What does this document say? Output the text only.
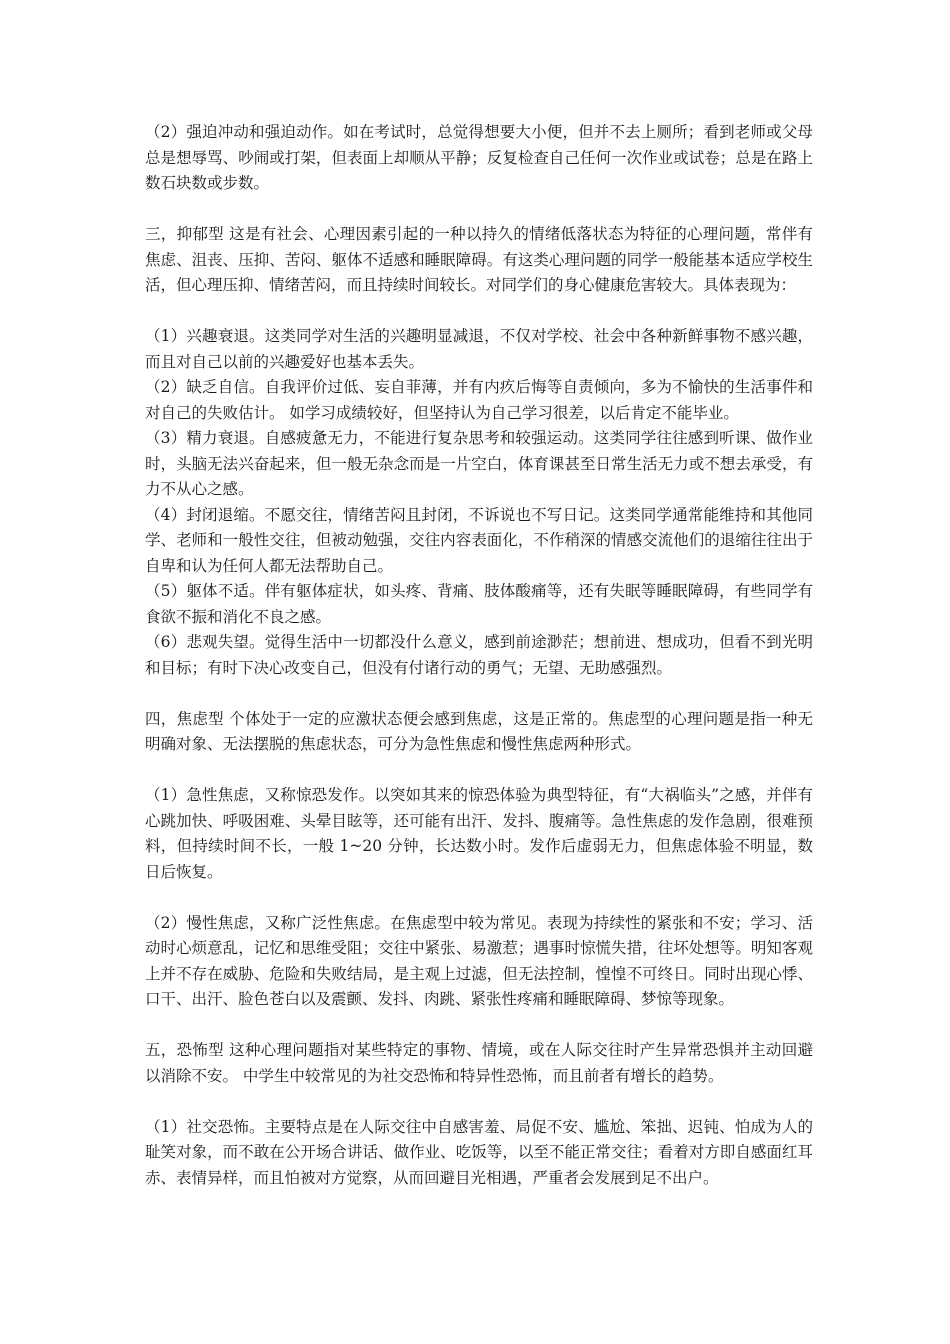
（2）强迫冲动和强迫动作。如在考试时，总觉得想要大小便，但并不去上厕所；看到老师或父母总是想辱骂、吵闹或打架，但表面上却顺从平静；反复检查自己任何一次作业或试卷；总是在路上数石块数或步数。

三，抑郁型 这是有社会、心理因素引起的一种以持久的情绪低落状态为特征的心理问题，常伴有焦虑、沮丧、压抑、苦闷、躯体不适感和睡眠障碍。有这类心理问题的同学一般能基本适应学校生活，但心理压抑、情绪苦闷，而且持续时间较长。对同学们的身心健康危害较大。具体表现为：

（1）兴趣衰退。这类同学对生活的兴趣明显减退，不仅对学校、社会中各种新鲜事物不感兴趣，而且对自己以前的兴趣爱好也基本丢失。

（2）缺乏自信。自我评价过低、妄自菲薄，并有内疚后悔等自责倾向，多为不愉快的生活事件和对自己的失败估计。 如学习成绩较好，但坚持认为自己学习很差，以后肯定不能毕业。

（3）精力衰退。自感疲惫无力，不能进行复杂思考和较强运动。这类同学往往感到听课、做作业时，头脑无法兴奋起来，但一般无杂念而是一片空白，体育课甚至日常生活无力或不想去承受，有力不从心之感。

（4）封闭退缩。不愿交往，情绪苦闷且封闭，不诉说也不写日记。这类同学通常能维持和其他同学、老师和一般性交往，但被动勉强，交往内容表面化，不作稍深的情感交流他们的退缩往往出于自卑和认为任何人都无法帮助自己。

（5）躯体不适。伴有躯体症状，如头疼、背痛、肢体酸痛等，还有失眠等睡眠障碍，有些同学有食欲不振和消化不良之感。

（6）悲观失望。觉得生活中一切都没什么意义，感到前途渺茫；想前进、想成功，但看不到光明和目标；有时下决心改变自己，但没有付诸行动的勇气；无望、无助感强烈。

四，焦虑型 个体处于一定的应激状态便会感到焦虑，这是正常的。焦虑型的心理问题是指一种无明确对象、无法摆脱的焦虑状态，可分为急性焦虑和慢性焦虑两种形式。

（1）急性焦虑，又称惊恐发作。以突如其来的惊恐体验为典型特征，有“大祸临头”之感，并伴有心跳加快、呼吸困难、头晕目眩等，还可能有出汗、发抖、腹痛等。急性焦虑的发作急剧，很难预料，但持续时间不长，一般 1~20 分钟，长达数小时。发作后虚弱无力，但焦虑体验不明显，数日后恢复。

（2）慢性焦虑，又称广泛性焦虑。在焦虑型中较为常见。表现为持续性的紧张和不安；学习、活动时心烦意乱，记忆和思维受阻；交往中紧张、易激惹；遇事时惊慌失措，往坏处想等。明知客观上并不存在威胁、危险和失败结局，是主观上过滤，但无法控制，惶惶不可终日。同时出现心悸、口干、出汗、脸色苍白以及震颤、发抖、肉跳、紧张性疼痛和睡眠障碍、梦惊等现象。

五，恐怖型 这种心理问题指对某些特定的事物、情境，或在人际交往时产生异常恐惧并主动回避以消除不安。 中学生中较常见的为社交恐怖和特异性恐怖，而且前者有增长的趋势。

（1）社交恐怖。主要特点是在人际交往中自感害羞、局促不安、尴尬、笨拙、迟钝、怕成为人的耻笑对象，而不敢在公开场合讲话、做作业、吃饭等，以至不能正常交往；看着对方即自感面红耳赤、表情异样，而且怕被对方觉察，从而回避目光相遇，严重者会发展到足不出户。
